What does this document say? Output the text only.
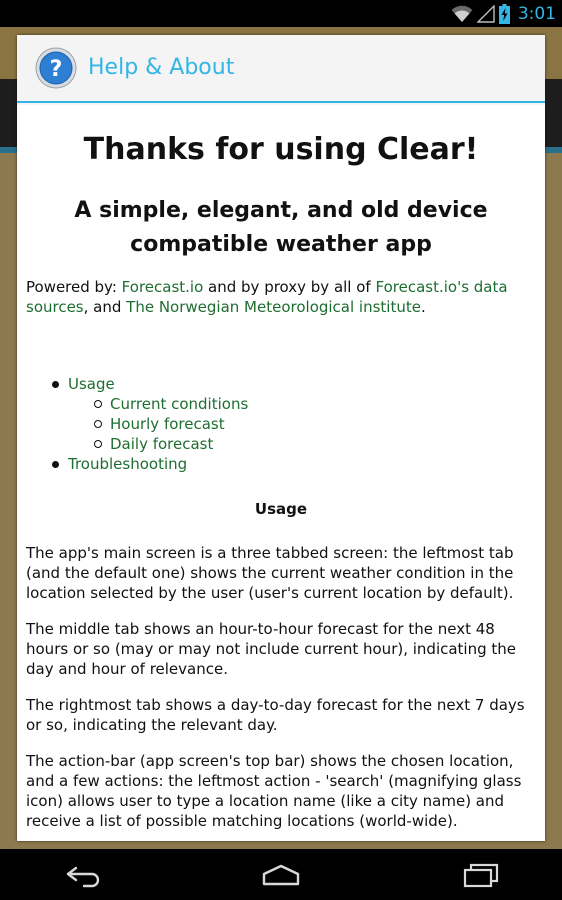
3:01
? Help & About
Thanks for using Clear!
A simple, elegant, and old device
compatible weather app

Powered by: Forecast.io and by proxy by all of Forecast.io's data sources, and The Norwegian Meteorological institute.

Usage
Current conditions
Hourly forecast
Daily forecast
Troubleshooting
Usage

The app's main screen is a three tabbed screen: the leftmost tab (and the default one) shows the current weather condition in the location selected by the user (user's current location by default).

The middle tab shows an hour-to-hour forecast for the next 48 hours or so (may or may not include current hour), indicating the day and hour of relevance.

The rightmost tab shows a day-to-day forecast for the next 7 days or so, indicating the relevant day.

The action-bar (app screen's top bar) shows the chosen location, and a few actions: the leftmost action - 'search' (magnifying glass icon) allows user to type a location name (like a city name) and receive a list of possible matching locations (world-wide).
